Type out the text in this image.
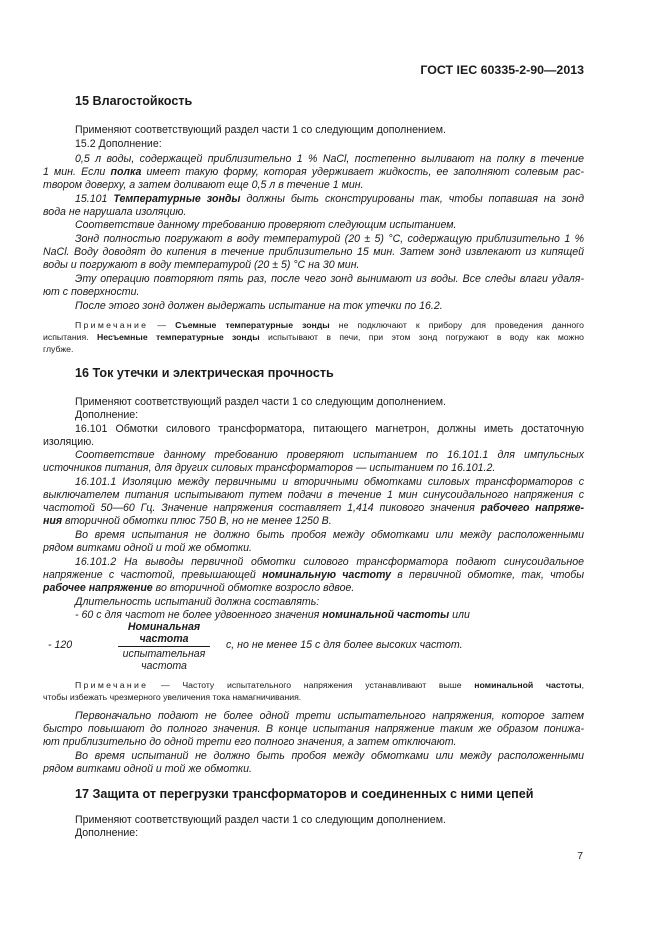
ГОСТ IEC 60335-2-90—2013
15 Влагостойкость
Применяют соответствующий раздел части 1 со следующим дополнением.
15.2 Дополнение:
0,5 л воды, содержащей приблизительно 1 % NaCl, постепенно выливают на полку в течение
1 мин. Если полка имеет такую форму, которая удерживает жидкость, ее заполняют солевым рас-
твором доверху, а затем доливают еще 0,5 л в течение 1 мин.
15.101 Температурные зонды должны быть сконструированы так, чтобы попавшая на зонд
вода не нарушала изоляцию.
Соответствие данному требованию проверяют следующим испытанием.
Зонд полностью погружают в воду температурой (20 ± 5) °С, содержащую приблизительно 1 %
NaCl. Воду доводят до кипения в течение приблизительно 15 мин. Затем зонд извлекают из кипящей
воды и погружают в воду температурой (20 ± 5) °С на 30 мин.
Эту операцию повторяют пять раз, после чего зонд вынимают из воды. Все следы влаги удаля-
ют с поверхности.
После этого зонд должен выдержать испытание на ток утечки по 16.2.
Примечание — Съемные температурные зонды не подключают к прибору для проведения данного
испытания. Несъемные температурные зонды испытывают в печи, при этом зонд погружают в воду как можно
глубже.
16 Ток утечки и электрическая прочность
Применяют соответствующий раздел части 1 со следующим дополнением.
Дополнение:
16.101 Обмотки силового трансформатора, питающего магнетрон, должны иметь достаточную
изоляцию.
Соответствие данному требованию проверяют испытанием по 16.101.1 для импульсных
источников питания, для других силовых трансформаторов — испытанием по 16.101.2.
16.101.1 Изоляцию между первичными и вторичными обмотками силовых трансформаторов с
выключателем питания испытывают путем подачи в течение 1 мин синусоидального напряжения с
частотой 50—60 Гц. Значение напряжения составляет 1,414 пикового значения рабочего напряже-
ния вторичной обмотки плюс 750 В, но не менее 1250 В.
Во время испытания не должно быть пробоя между обмотками или между расположенными
рядом витками одной и той же обмотки.
16.101.2 На выводы первичной обмотки силового трансформатора подают синусоидальное
напряжение с частотой, превышающей номинальную частоту в первичной обмотке, так, чтобы
рабочее напряжение во вторичной обмотке возросло вдвое.
Длительность испытаний должна составлять:
- 60 с для частот не более удвоенного значения номинальной частоты или
- 120
Номинальная
частота
испытательная
частота
с, но не менее 15 с для более высоких частот.
Примечание — Частоту испытательного напряжения устанавливают выше номинальной частоты,
чтобы избежать чрезмерного увеличения тока намагничивания.
Первоначально подают не более одной трети испытательного напряжения, которое затем
быстро повышают до полного значения. В конце испытания напряжение таким же образом понижа-
ют приблизительно до одной трети его полного значения, а затем отключают.
Во время испытаний не должно быть пробоя между обмотками или между расположенными
рядом витками одной и той же обмотки.
17 Защита от перегрузки трансформаторов и соединенных с ними цепей
Применяют соответствующий раздел части 1 со следующим дополнением.
Дополнение:
7
